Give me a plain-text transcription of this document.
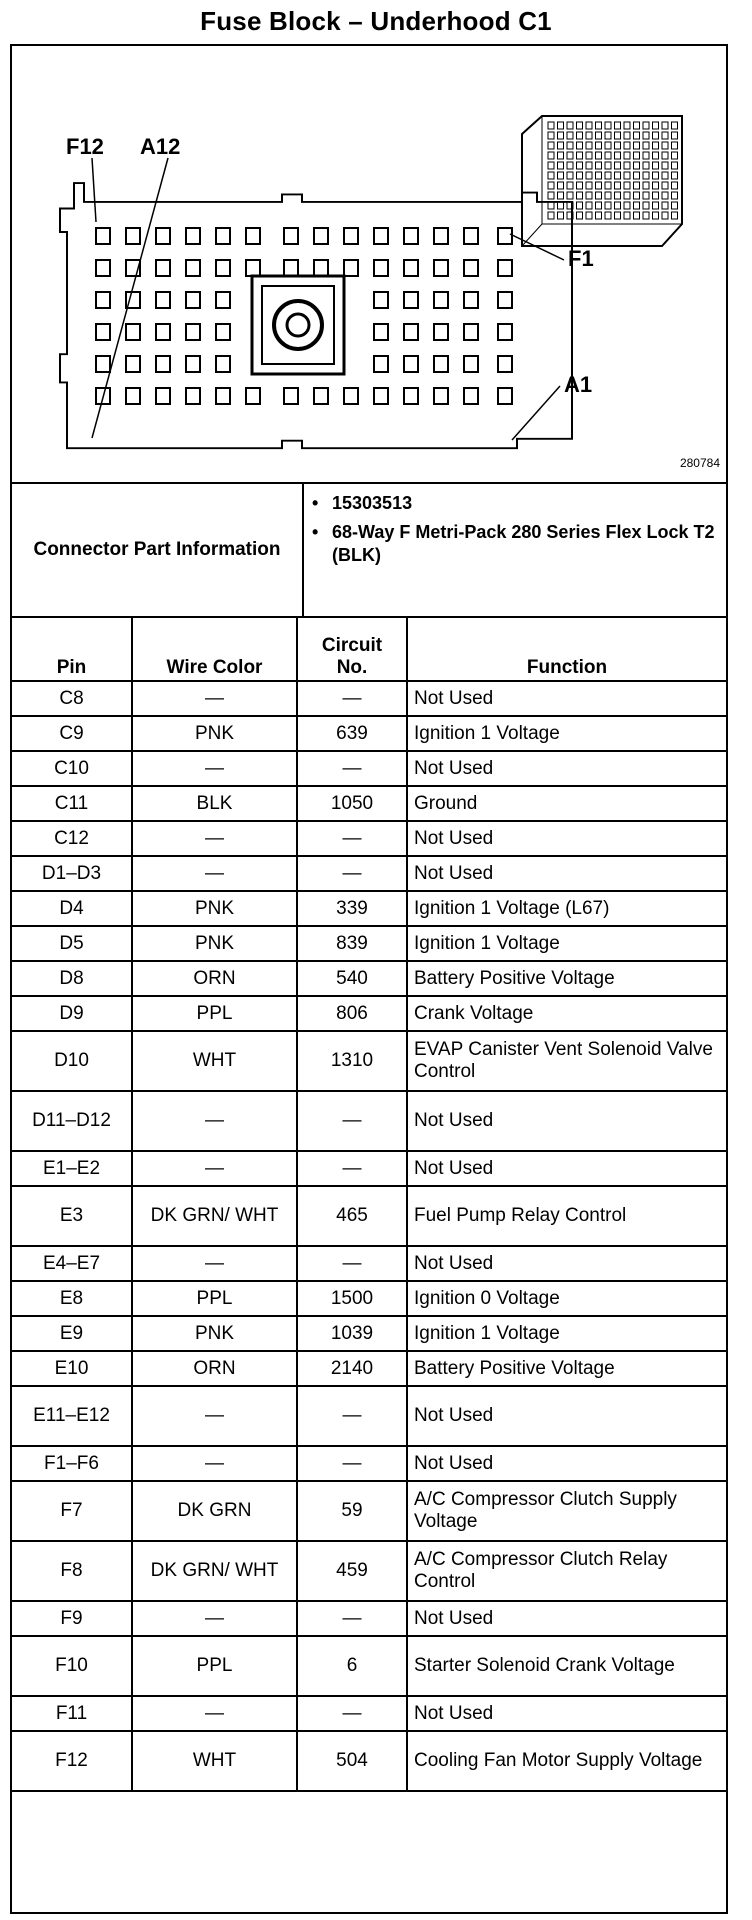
Fuse Block – Underhood C1
F12 A12
F1
A1
280784
Connector Part Information
• 15303513
• 68-Way F Metri-Pack 280 Series Flex Lock T2 (BLK)
Pin	Wire Color	Circuit No.	Function
C8	—	—	Not Used
C9	PNK	639	Ignition 1 Voltage
C10	—	—	Not Used
C11	BLK	1050	Ground
C12	—	—	Not Used
D1–D3	—	—	Not Used
D4	PNK	339	Ignition 1 Voltage (L67)
D5	PNK	839	Ignition 1 Voltage
D8	ORN	540	Battery Positive Voltage
D9	PPL	806	Crank Voltage
D10	WHT	1310	EVAP Canister Vent Solenoid Valve Control
D11–D12	—	—	Not Used
E1–E2	—	—	Not Used
E3	DK GRN/ WHT	465	Fuel Pump Relay Control
E4–E7	—	—	Not Used
E8	PPL	1500	Ignition 0 Voltage
E9	PNK	1039	Ignition 1 Voltage
E10	ORN	2140	Battery Positive Voltage
E11–E12	—	—	Not Used
F1–F6	—	—	Not Used
F7	DK GRN	59	A/C Compressor Clutch Supply Voltage
F8	DK GRN/ WHT	459	A/C Compressor Clutch Relay Control
F9	—	—	Not Used
F10	PPL	6	Starter Solenoid Crank Voltage
F11	—	—	Not Used
F12	WHT	504	Cooling Fan Motor Supply Voltage
